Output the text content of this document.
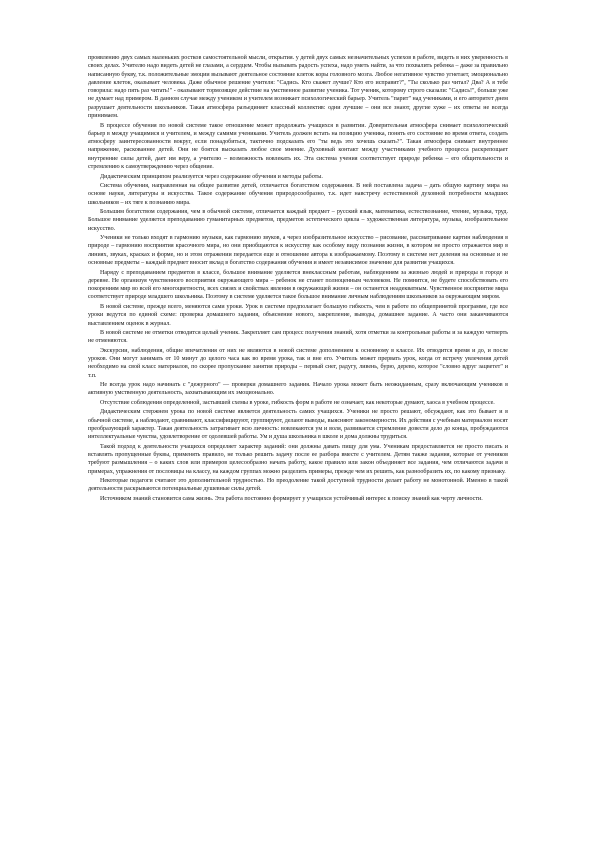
проявлению двух самых маленьких ростков самостоятельной мысли, открытия. у детей двух самых незначительных успехов в работе, видеть в них уверенность в своих делах. Учителю надо видеть детей не глазами, а сердцем. Чтобы вызывать радость успеха, надо уметь найти, за что похвалить ребенка – даже за правильно написанную букву, т.к. положительные эмоции вызывают деятельное состояние клеток коры головного мозга. Любое негативное чувство угнетает, эмоционально давление клеток, оказывает человека. Даже обычное решение учителя: "Садись. Кто скажет лучше? Кто его исправит?", "Ты сколько раз читал? Два? А я тебе говорила: надо пять раз читать!" - оказывают тормозящее действие на умственное развитие ученика. Тот ученик, которому строго сказали: "Садись!", больше уже не думает над примером. В данном случае между учеником и учителем возникает психологический барьер. Учитель "парит" над учениками, и его авторитет днем разрушает деятельности школьников. Такая атмосфера разъединяет классный коллектив: одни лучшие – они все знают, другие хуже – их ответы не всегда принимаем.

В процессе обучения по новой системе такое отношение может продолжать учащихся в развитии. Доверительная атмосфера снимает психологический барьер в между учащимися и учителем, и между самими учениками. Учитель должен встать на позицию ученика, понять его состояние во время ответа, создать атмосферу заинтересованности вокруг, если понадобиться, тактично подсказать его "ты ведь это хочешь сказать?". Такая атмосфера снимает внутреннее напряжение, раскованнее детей. Они не боятся высказать любое свое мнение. Духовный контакт между участниками учебного процесса раскрепощает внутренние силы детей, дает им веру, а учителю – возможность вовлекать их. Эта система учения соответствует природе ребенка – его общительности и стремлению к самоутверждению через общение.

Дидактическим принципом реализуется через содержание обучения и методы работы.

Система обучения, направленная на общее развитие детей, отличается богатством содержания. В ней поставлена задача – дать общую картину мира на основе науки, литературы и искусства. Такое содержание обучения природосообразно, т.к. идет навстречу естественной духовной потребности младших школьников – их тяге к познанию мира.

Большим богатством содержания, чем в обычной системе, отличается каждый предмет – русский язык, математика, естествознание, чтение, музыка, труд. Большое внимание уделяется преподаванию гуманитарных предметов, предметов эстетического цикла – художественная литература, музыка, изобразительное искусство.

Ученики не только входят в гармонию музыки, как гармонию звуков, а через изобразительное искусство – рисование, рассматривание картин наблюдения в природе – гармонию восприятия красочного мира, но они приобщаются к искусству как особому виду познания жизни, в котором не просто отражается мир в линиях, звуках, красках и форме, но и этом отражении передается еще и отношение автора к изображаемому. Поэтому в системе нет деления на основные и не основные предметы – каждый предмет вносит вклад в богатство содержания обучения и имеет независимое значение для развития учащихся.

Наряду с преподаванием предметов в классе, большое внимание уделяется внеклассным работам, наблюдениям за жизнью людей и природы в городе и деревне. Не организуя чувственного восприятия окружающего мира – ребенок не станет полноценным человеком. Не помнится, не будете способствовать его покорениям мир во всей его многоцветности, всех связях и свойствах явления в окружающей жизни – он останется неадекватным. Чувственное восприятие мира соответствует природе младшего школьника. Поэтому в системе уделяется такое большое внимание личным наблюдениям школьников за окружающим миром.

В новой системе, прежде всего, меняются сами уроки. Урок в системе предполагает большую гибкость, чем в работе по общепринятой программе, где все уроки ведутся по единой схеме: проверка домашнего задания, объяснение нового, закрепление, выводы, домашнее задание. А часто они заканчиваются выставлением оценок в журнал.

В новой системе не отметки отводится целый ученик. Закрепляет сам процесс получения знаний, хотя отметки за контрольные работы и за каждую четверть не отменяются.

Экскурсии, наблюдения, общие впечатления от них не являются в новой системе дополнением к основному в классе. Их отводится время и до, и после уроков. Они могут занимать от 10 минут до целого часа как во время урока, так и вне его. Учитель может прервать урок, когда от встречу увлечения детей необходимо на свой класс материалов, по скорее пропускание занятия природы – первый снег, радугу, ливень, бурю, дерево, которое "словно вдруг зацветет" и т.п.

Не всегда урок надо начинать с "дежурного" — проверки домашнего задания. Начало урока может быть неожиданным, сразу включающим учеников в активную умственную деятельность, захватывающим их эмоционально.

Отсутствие соблюдения определенной, застывшей схемы в уроке, гибкость форм в работе не означает, как некоторые думают, хаоса в учебном процессе.

Дидактическим стержнем урока по новой системе является деятельность самих учащихся. Ученики не просто решают, обсуждают, как это бывает и в обычной системе, а наблюдают, сравнивают, классифицируют, группируют, делают выводы, выясняют закономерности. Их действия с учебным материалом носят преобразующий характер. Такая деятельность затрагивает всю личность: вовлекаются ум и воля, развивается стремление довести дело до конца, пробуждаются интеллектуальные чувства, удовлетворение от одолевшей работы. Ум и душа школьника в школе и дома должны трудиться.

Такой подход к деятельности учащихся определяет характер заданий: они должны давать пищу для ума. Ученикам предоставляется не просто писать и вставлять пропущенные буквы, применять правило, не только решить задачу после ее разбора вместе с учителем. Детям также задания, которые от учеников требуют размышления – о каких слов или примеров целесообразно начать работу, какое правило или закон объединяет все задания, чем отличаются задачи в примерах, упражнения от пословицы на классу, на каждом группах можно разделить примеры, прежде чем их решить, как разнообразить их, по какому признаку.

Некоторые педагоги считают это дополнительной трудностью. Но преодоление такой доступной трудности делает работу не монотонной. Именно в такой деятельности раскрываются потенциальные душевные силы детей.

Источником знаний становится сама жизнь. Эта работа постоянно формирует у учащихся устойчивый интерес к поиску знаний как черту личности.
